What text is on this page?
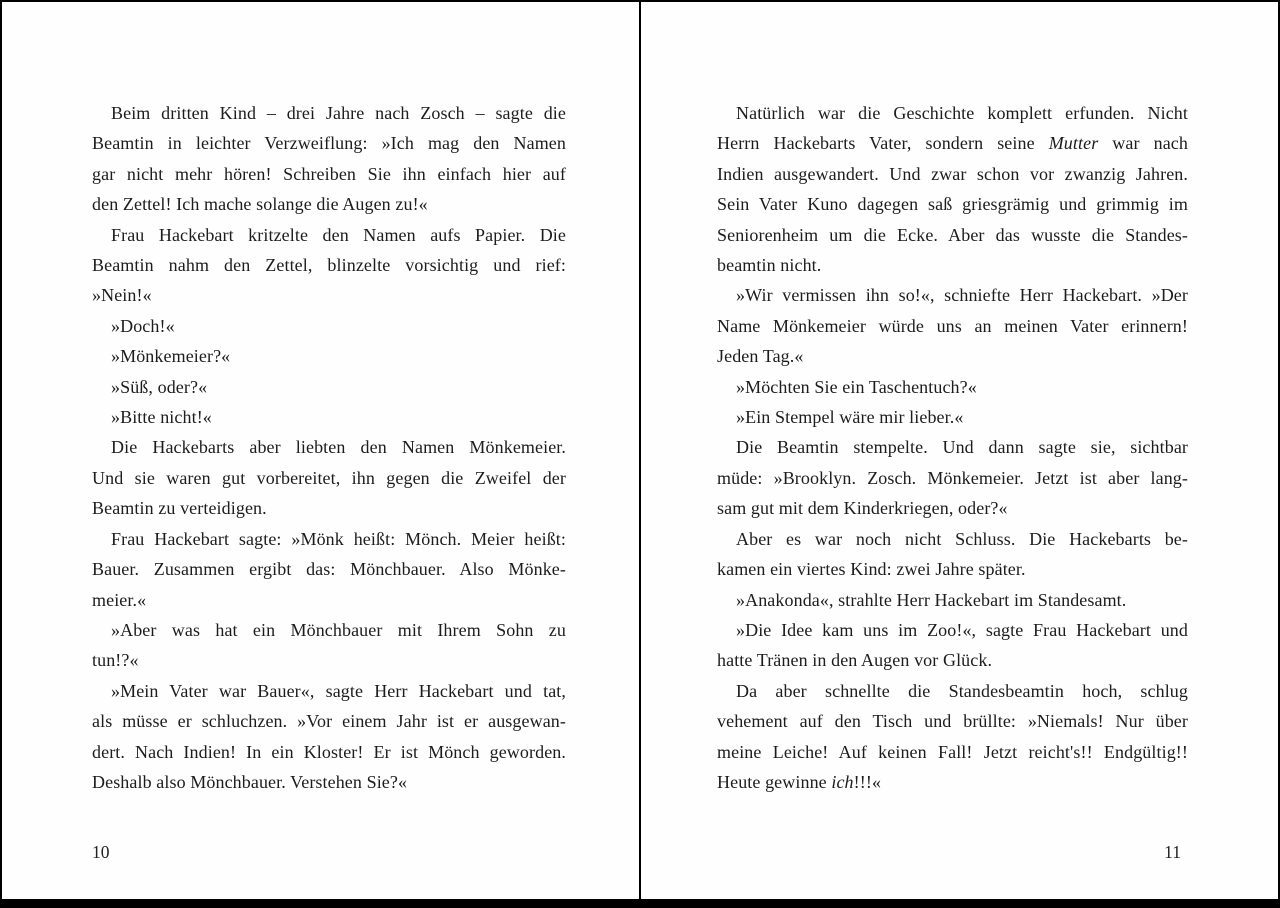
Beim dritten Kind – drei Jahre nach Zosch – sagte die
Beamtin in leichter Verzweiflung: »Ich mag den Namen
gar nicht mehr hören! Schreiben Sie ihn einfach hier auf
den Zettel! Ich mache solange die Augen zu!«
Frau Hackebart kritzelte den Namen aufs Papier. Die
Beamtin nahm den Zettel, blinzelte vorsichtig und rief:
»Nein!«
»Doch!«
»Mönkemeier?«
»Süß, oder?«
»Bitte nicht!«
Die Hackebarts aber liebten den Namen Mönkemeier.
Und sie waren gut vorbereitet, ihn gegen die Zweifel der
Beamtin zu verteidigen.
Frau Hackebart sagte: »Mönk heißt: Mönch. Meier heißt:
Bauer. Zusammen ergibt das: Mönchbauer. Also Mönke-
meier.«
»Aber was hat ein Mönchbauer mit Ihrem Sohn zu
tun!?«
»Mein Vater war Bauer«, sagte Herr Hackebart und tat,
als müsse er schluchzen. »Vor einem Jahr ist er ausgewan-
dert. Nach Indien! In ein Kloster! Er ist Mönch geworden.
Deshalb also Mönchbauer. Verstehen Sie?«
10
Natürlich war die Geschichte komplett erfunden. Nicht
Herrn Hackebarts Vater, sondern seine Mutter war nach
Indien ausgewandert. Und zwar schon vor zwanzig Jahren.
Sein Vater Kuno dagegen saß griesgrämig und grimmig im
Seniorenheim um die Ecke. Aber das wusste die Standes-
beamtin nicht.
»Wir vermissen ihn so!«, schniefte Herr Hackebart. »Der
Name Mönkemeier würde uns an meinen Vater erinnern!
Jeden Tag.«
»Möchten Sie ein Taschentuch?«
»Ein Stempel wäre mir lieber.«
Die Beamtin stempelte. Und dann sagte sie, sichtbar
müde: »Brooklyn. Zosch. Mönkemeier. Jetzt ist aber lang-
sam gut mit dem Kinderkriegen, oder?«
Aber es war noch nicht Schluss. Die Hackebarts be-
kamen ein viertes Kind: zwei Jahre später.
»Anakonda«, strahlte Herr Hackebart im Standesamt.
»Die Idee kam uns im Zoo!«, sagte Frau Hackebart und
hatte Tränen in den Augen vor Glück.
Da aber schnellte die Standesbeamtin hoch, schlug
vehement auf den Tisch und brüllte: »Niemals! Nur über
meine Leiche! Auf keinen Fall! Jetzt reicht's!! Endgültig!!
Heute gewinne ich!!!«
11
